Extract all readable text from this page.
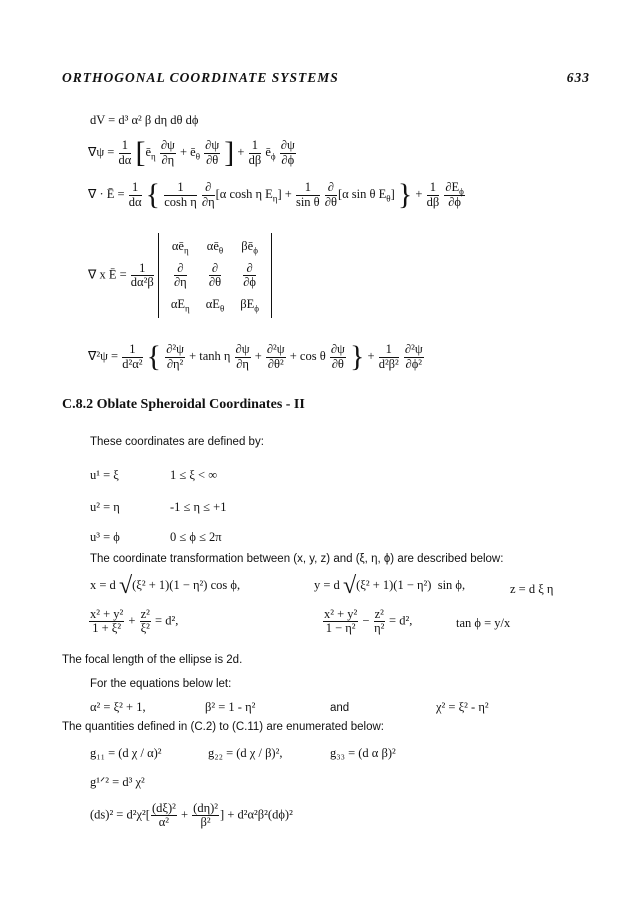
ORTHOGONAL COORDINATE SYSTEMS	633
dV = d³ α² β dη dθ dϕ
$\nabla\psi = \frac{1}{d\alpha}$ [$ē_\eta \frac{\partial\psi}{\partial\eta}$ + $ē_\theta \frac{\partial\psi}{\partial\theta}$ ] + $\frac{1}{d\beta}$ $ē_\phi \frac{\partial\psi}{\partial\phi}$
∇ · Ē = $\frac{1}{d\alpha}$ { $\frac{1}{\text{cosh η}}$
$\frac{\partial}{\partial\eta} [\alpha$ cosh η $E_\eta] + \frac{1}{\text{sin θ}}$
$\frac{\partial}{\partial\theta} [\alpha$ sin θ $E_\theta$] } + $\frac{1}{d\beta}$
$\frac{\partial E_\phi}{\partial\phi}$
∇ x Ē = $\frac{1}{\text{dα²β}}$

$\alpha ē_\eta$	$\alpha ē_\theta$	$\beta ē_\phi$

$\frac{\partial}{\partial\eta}$	$\frac{\partial}{\partial\theta}$	$\frac{\partial}{\partial\phi}$

$\alpha E_\eta$	$\alpha E_\theta$	$\beta E_\phi$
$\nabla^2\psi = \frac{1}{\text{d²α²}}$ { $\frac{\text{∂²ψ}}{\text{∂η²}} + \tanh \eta \frac{\partial\psi}{\partial\eta} + \frac{\text{∂²ψ}}{\text{∂θ²}} + \cos \theta \frac{\partial\psi}{\partial\theta}$ } + $\frac{1}{\text{d²β²}}$
$\frac{\text{∂²ψ}}{\text{∂ϕ²}}$
C.8.2 Oblate Spheroidal Coordinates - II
These coordinates are defined by:
u¹ = ξ	1 ≤ ξ < ∞
u² = η	-1 ≤ η ≤ +1
u³ = ϕ	0 ≤ ϕ ≤ 2π
The coordinate transformation between (x, y, z) and (ξ, η, ϕ) are described below:
x = d √(ξ² + 1)(1 − η²) cos ϕ,	y = d √(ξ² + 1)(1 − η²)  sin ϕ,	z = d ξ η
$\frac{\text{x² + y²}}{\text{1 + ξ²}} + \frac{\text{z²}}{\text{ξ²}} = d^2$,	$\frac{\text{x² + y²}}{\text{1 − η²}} - \frac{\text{z²}}{\text{η²}} = d^2$,	tan ϕ = y/x
The focal length of the ellipse is 2d.
For the equations below let:
α² = ξ² + 1,	β² = 1 - η²	and	χ² = ξ² - η²
The quantities defined in (C.2) to (C.11) are enumerated below:
g₁₁ = (d χ / α)²	g₂₂ = (d χ / β)²,	g₃₃ = (d α β)²
g¹ᐟ² = d³ χ²
$(ds)^2 = d^2\chi^2[ \frac{\text{(dξ)²}}{\text{α²}} + \frac{\text{(dη)²}}{\text{β²}}$ ] + d²α²β²(dϕ)²
